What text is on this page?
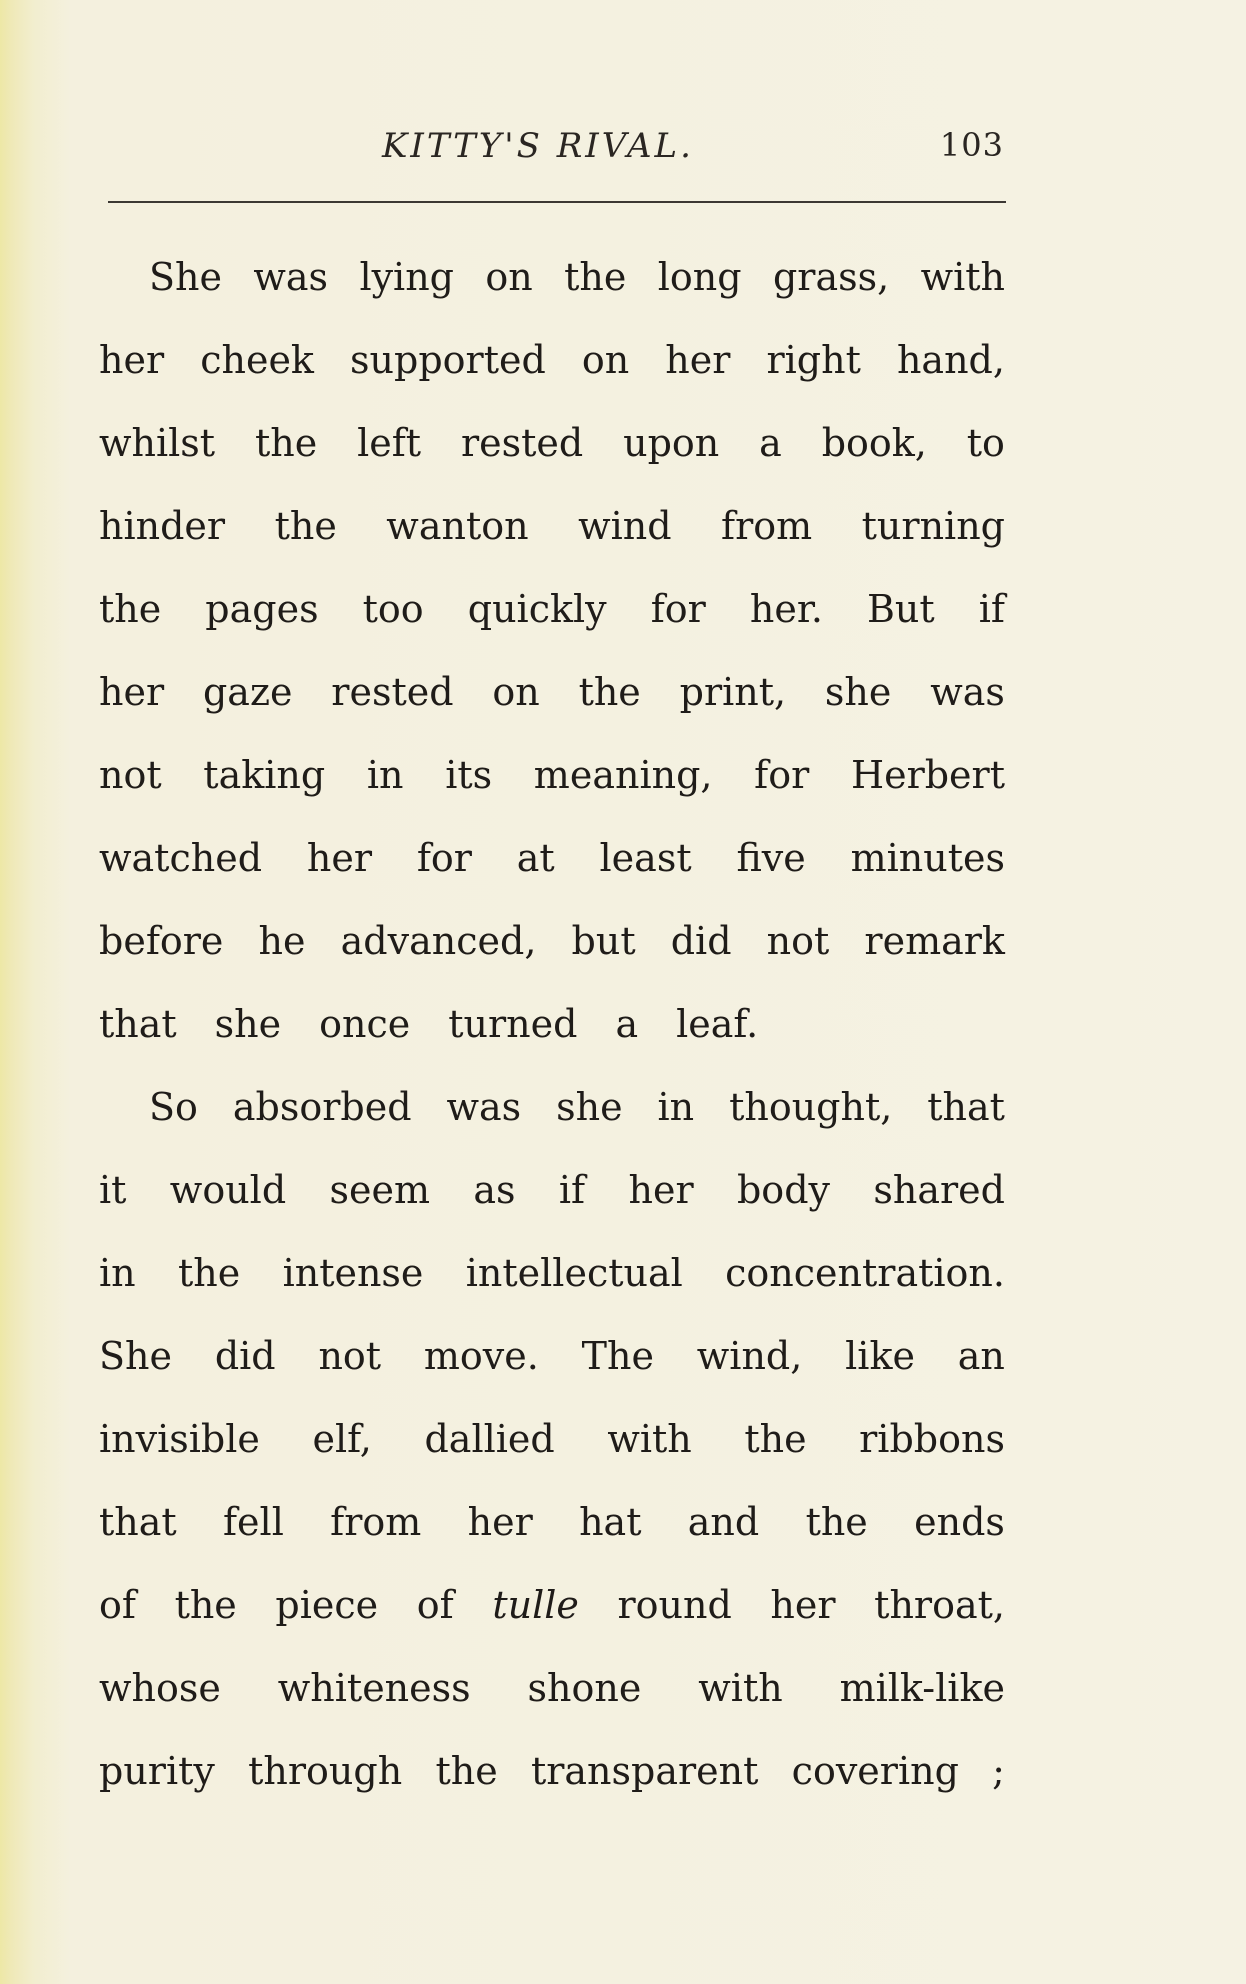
KITTY'S RIVAL.	103
She was lying on the long grass, with
her cheek supported on her right hand,
whilst the left rested upon a book, to
hinder the wanton wind from turning
the pages too quickly for her. But if
her gaze rested on the print, she was
not taking in its meaning, for Herbert
watched her for at least five minutes
before he advanced, but did not remark
that she once turned a leaf.
So absorbed was she in thought, that
it would seem as if her body shared
in the intense intellectual concentration.
She did not move. The wind, like an
invisible elf, dallied with the ribbons
that fell from her hat and the ends
of the piece of tulle round her throat,
whose whiteness shone with milk-like
purity through the transparent covering ;
